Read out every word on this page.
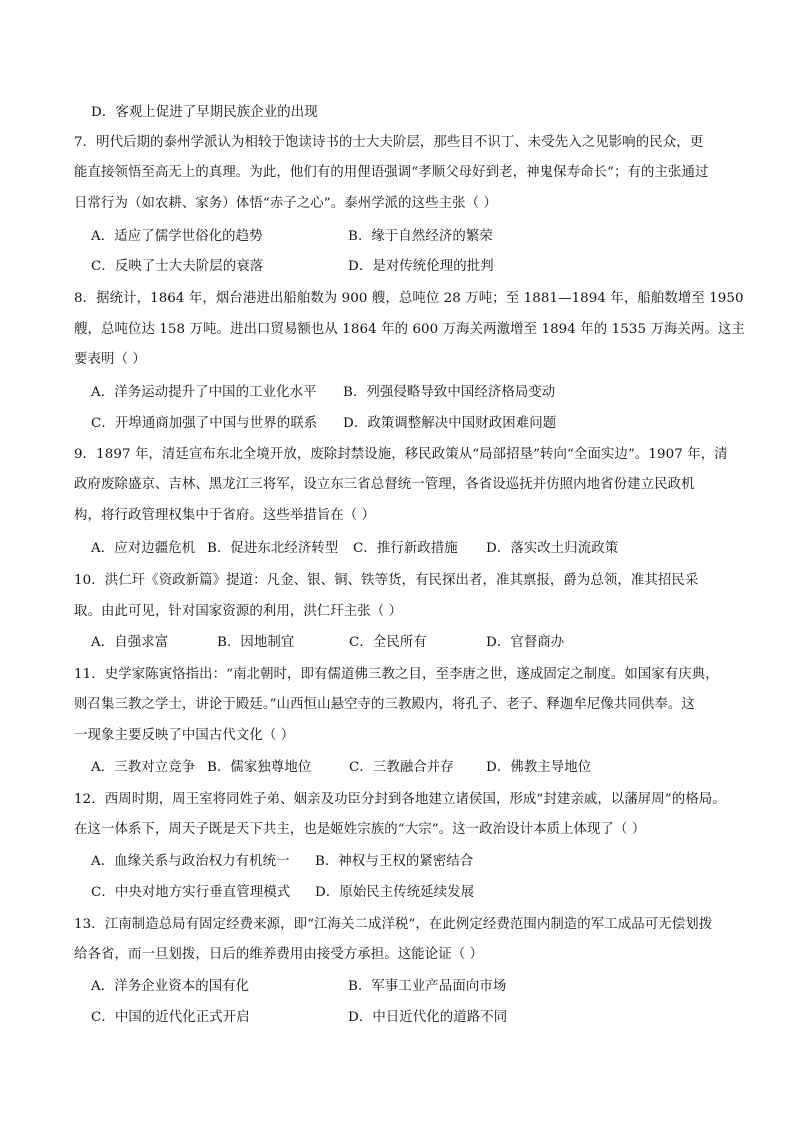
D．客观上促进了早期民族企业的出现
7．明代后期的泰州学派认为相较于饱读诗书的士大夫阶层，那些目不识丁、未受先入之见影响的民众，更
能直接领悟至高无上的真理。为此，他们有的用俚语强调“孝顺父母好到老，神鬼保寿命长”；有的主张通过
日常行为（如农耕、家务）体悟“赤子之心”。泰州学派的这些主张（ ）
A．适应了儒学世俗化的趋势	B．缘于自然经济的繁荣
C．反映了士大夫阶层的衰落	D．是对传统伦理的批判
8．据统计，1864 年，烟台港进出船舶数为 900 艘，总吨位 28 万吨；至 1881—1894 年，船舶数增至 1950
艘，总吨位达 158 万吨。进出口贸易额也从 1864 年的 600 万海关两激增至 1894 年的 1535 万海关两。这主
要表明（ ）
A．洋务运动提升了中国的工业化水平 B．列强侵略导致中国经济格局变动
C．开埠通商加强了中国与世界的联系 D．政策调整解决中国财政困难问题
9．1897 年，清廷宣布东北全境开放，废除封禁设施，移民政策从“局部招垦”转向“全面实边”。1907 年，清
政府废除盛京、吉林、黑龙江三将军，设立东三省总督统一管理，各省设巡抚并仿照内地省份建立民政机
构，将行政管理权集中于省府。这些举措旨在（ ）
A．应对边疆危机 B．促进东北经济转型 C．推行新政措施 D．落实改土归流政策
10．洪仁玕《资政新篇》提道：凡金、银、铜、铁等货，有民探出者，准其禀报，爵为总领，准其招民采
取。由此可见，针对国家资源的利用，洪仁玕主张（ ）
A．自强求富	B．因地制宜	C．全民所有	D．官督商办
11．史学家陈寅恪指出：“南北朝时，即有儒道佛三教之目，至李唐之世，遂成固定之制度。如国家有庆典，
则召集三教之学士，讲论于殿廷。”山西恒山悬空寺的三教殿内，将孔子、老子、释迦牟尼像共同供奉。这
一现象主要反映了中国古代文化（ ）
A．三教对立竞争 B．儒家独尊地位	C．三教融合并存 D．佛教主导地位
12．西周时期，周王室将同姓子弟、姻亲及功臣分封到各地建立诸侯国，形成“封建亲戚，以藩屏周”的格局。
在这一体系下，周天子既是天下共主，也是姬姓宗族的“大宗”。这一政治设计本质上体现了（ ）
A．血缘关系与政治权力有机统一 B．神权与王权的紧密结合
C．中央对地方实行垂直管理模式 D．原始民主传统延续发展
13．江南制造总局有固定经费来源，即“江海关二成洋税”，在此例定经费范围内制造的军工成品可无偿划拨
给各省，而一旦划拨，日后的维养费用由接受方承担。这能论证（ ）
A．洋务企业资本的国有化	B．军事工业产品面向市场
C．中国的近代化正式开启	D．中日近代化的道路不同
